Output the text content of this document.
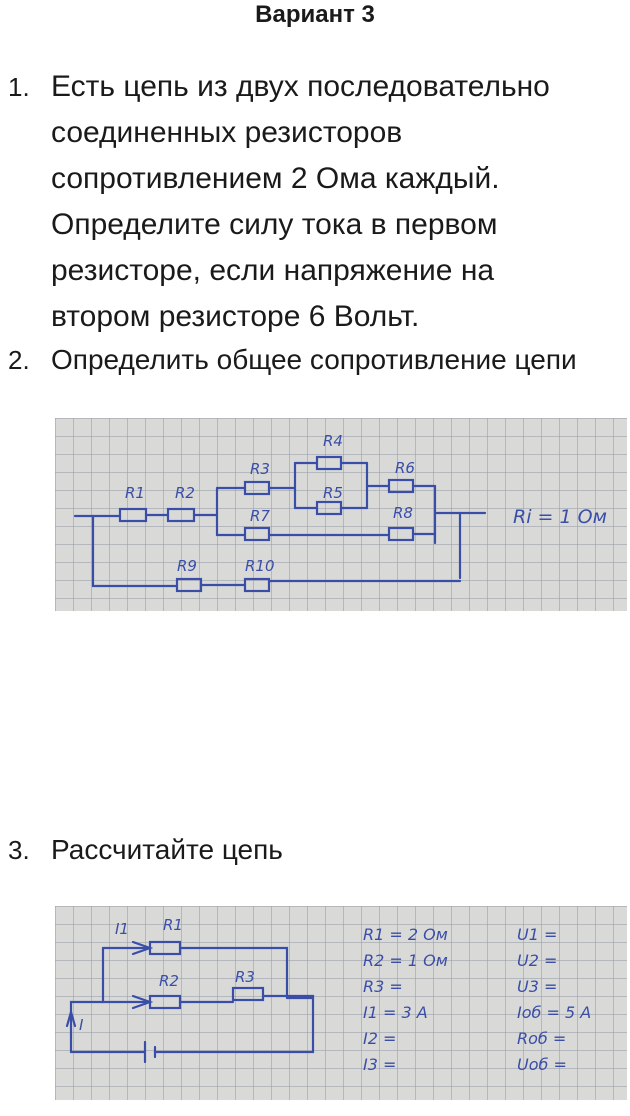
Вариант 3
1. Есть цепь из двух последовательно
соединенных резисторов
сопротивлением 2 Ома каждый.
Определите силу тока в первом
резисторе, если напряжение на
втором резисторе 6 Вольт.
2. Определить общее сопротивление цепи
R1 R2
R3
R4
R5
R6
R7	R8
R9	R10
Ri = 1 Ом
3. Рассчитайте цепь
I1 R1
R2	R3
I
R1 = 2 Ом	U1 =
R2 = 1 Ом	U2 =
R3 =	U3 =
I1 = 3 A	Iоб = 5 A
I2 =	Rоб =
I3 =	Uоб =
